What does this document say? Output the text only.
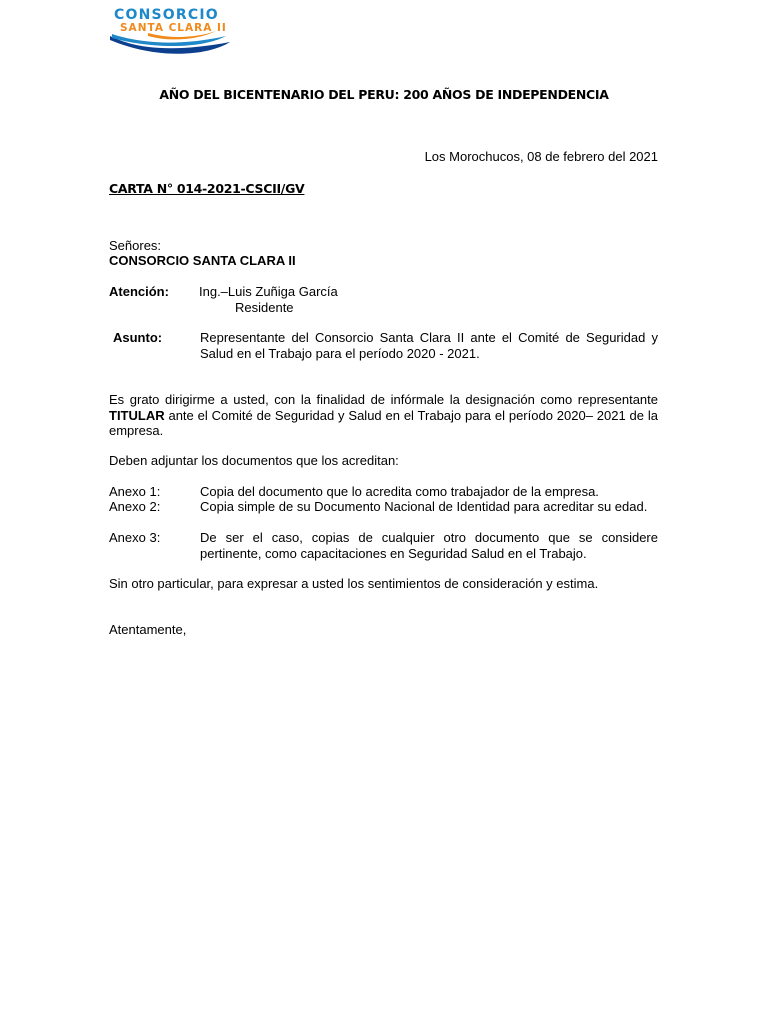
CONSORCIO
SANTA CLARA II
AÑO DEL BICENTENARIO DEL PERU: 200 AÑOS DE INDEPENDENCIA
Los Morochucos, 08 de febrero del 2021
CARTA N° 014-2021-CSCII/GV
Señores:
CONSORCIO SANTA CLARA II
Atención: Ing.–Luis Zuñiga García
Residente
Asunto:	Representante del Consorcio Santa Clara II ante el Comité de Seguridad y Salud en el Trabajo para el período 2020 - 2021.
Es grato dirigirme a usted, con la finalidad de infórmale la designación como representante TITULAR ante el Comité de Seguridad y Salud en el Trabajo para el período 2020– 2021 de la empresa.
Deben adjuntar los documentos que los acreditan:
Anexo 1:	Copia del documento que lo acredita como trabajador de la empresa.
Anexo 2:	Copia simple de su Documento Nacional de Identidad para acreditar su edad.
Anexo 3:	De ser el caso, copias de cualquier otro documento que se considere pertinente, como capacitaciones en Seguridad Salud en el Trabajo.
Sin otro particular, para expresar a usted los sentimientos de consideración y estima.
Atentamente,
